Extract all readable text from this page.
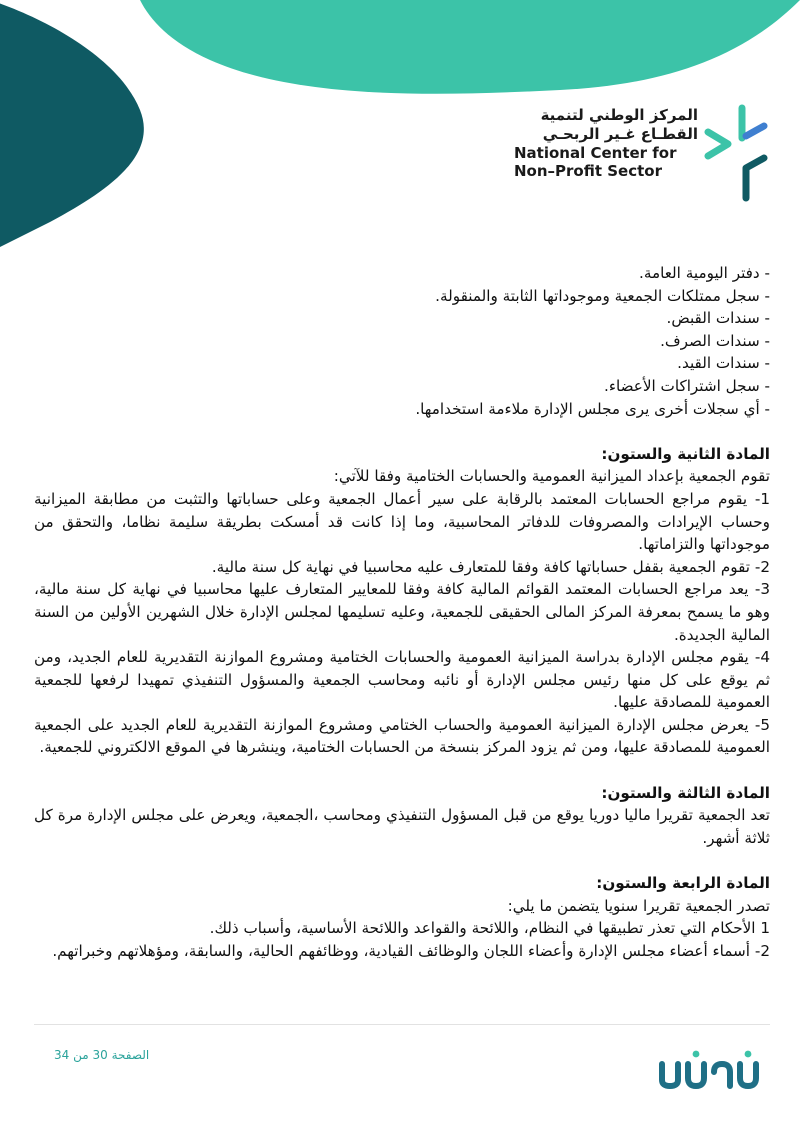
المركز الوطني لتنمية
القطـاع غـير الربحـي
National Center for
Non–Profit Sector
- دفتر اليومية العامة.
- سجل ممتلكات الجمعية وموجوداتها الثابتة والمنقولة.
- سندات القبض.
- سندات الصرف.
- سندات القيد.
- سجل اشتراكات الأعضاء.
- أي سجلات أخرى يرى مجلس الإدارة ملاءمة استخدامها.
المادة الثانية والستون:
تقوم الجمعية بإعداد الميزانية العمومية والحسابات الختامية وفقا للآتي:
1- يقوم مراجع الحسابات المعتمد بالرقابة على سير أعمال الجمعية وعلى حساباتها والتثبت من مطابقة الميزانية وحساب الإيرادات والمصروفات للدفاتر المحاسبية، وما إذا كانت قد أمسكت بطريقة سليمة نظاما، والتحقق من موجوداتها والتزاماتها.
2- تقوم الجمعية بقفل حساباتها كافة وفقا للمتعارف عليه محاسبيا في نهاية كل سنة مالية.
3- يعد مراجع الحسابات المعتمد القوائم المالية كافة وفقا للمعايير المتعارف عليها محاسبيا في نهاية كل سنة مالية، وهو ما يسمح بمعرفة المركز المالى الحقيقى للجمعية، وعليه تسليمها لمجلس الإدارة خلال الشهرين الأولين من السنة المالية الجديدة.
4- يقوم مجلس الإدارة بدراسة الميزانية العمومية والحسابات الختامية ومشروع الموازنة التقديرية للعام الجديد، ومن ثم يوقع على كل منها رئيس مجلس الإدارة أو نائبه ومحاسب الجمعية والمسؤول التنفيذي تمهيدا لرفعها للجمعية العمومية للمصادقة عليها.
5- يعرض مجلس الإدارة الميزانية العمومية والحساب الختامي ومشروع الموازنة التقديرية للعام الجديد على الجمعية العمومية للمصادقة عليها، ومن ثم يزود المركز بنسخة من الحسابات الختامية، وينشرها في الموقع الالكتروني للجمعية.
المادة الثالثة والستون:
تعد الجمعية تقريرا ماليا دوريا يوقع من قبل المسؤول التنفيذي ومحاسب ،الجمعية، ويعرض على مجلس الإدارة مرة كل ثلاثة أشهر.
المادة الرابعة والستون:
تصدر الجمعية تقريرا سنويا يتضمن ما يلي:
1 الأحكام التي تعذر تطبيقها في النظام، واللائحة والقواعد واللائحة الأساسية، وأسباب ذلك.
2- أسماء أعضاء مجلس الإدارة وأعضاء اللجان والوظائف القيادية، ووظائفهم الحالية، والسابقة، ومؤهلاتهم وخبراتهم.
الصفحة 30 من 34
